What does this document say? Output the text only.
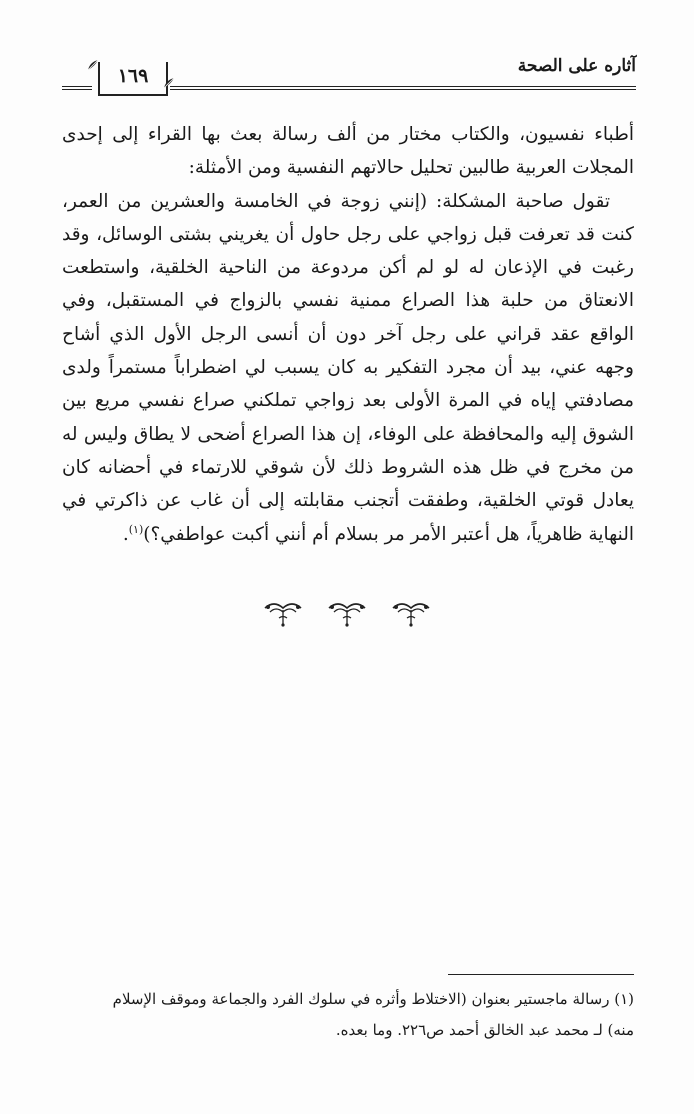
آثاره على الصحة
١٦٩

أطباء نفسيون، والكتاب مختار من ألف رسالة بعث بها القراء إلى إحدى المجلات العربية طالبين تحليل حالاتهم النفسية ومن الأمثلة:

تقول صاحبة المشكلة: (إنني زوجة في الخامسة والعشرين من العمر، كنت قد تعرفت قبل زواجي على رجل حاول أن يغريني بشتى الوسائل، وقد رغبت في الإذعان له لو لم أكن مردوعة من الناحية الخلقية، واستطعت الانعتاق من حلبة هذا الصراع ممنية نفسي بالزواج في المستقبل، وفي الواقع عقد قراني على رجل آخر دون أن أنسى الرجل الأول الذي أشاح وجهه عني، بيد أن مجرد التفكير به كان يسبب لي اضطراباً مستمراً ولدى مصادفتي إياه في المرة الأولى بعد زواجي تملكني صراع نفسي مريع بين الشوق إليه والمحافظة على الوفاء، إن هذا الصراع أضحى لا يطاق وليس له من مخرج في ظل هذه الشروط ذلك لأن شوقي للارتماء في أحضانه كان يعادل قوتي الخلقية، وطفقت أتجنب مقابلته إلى أن غاب عن ذاكرتي في النهاية ظاهرياً، هل أعتبر الأمر مر بسلام أم أنني أكبت عواطفي؟)$^{(١)}$.

(١) رسالة ماجستير بعنوان (الاختلاط وأثره في سلوك الفرد والجماعة وموقف الإسلام

منه) لـ محمد عبد الخالق أحمد ص٢٢٦. وما بعده.
